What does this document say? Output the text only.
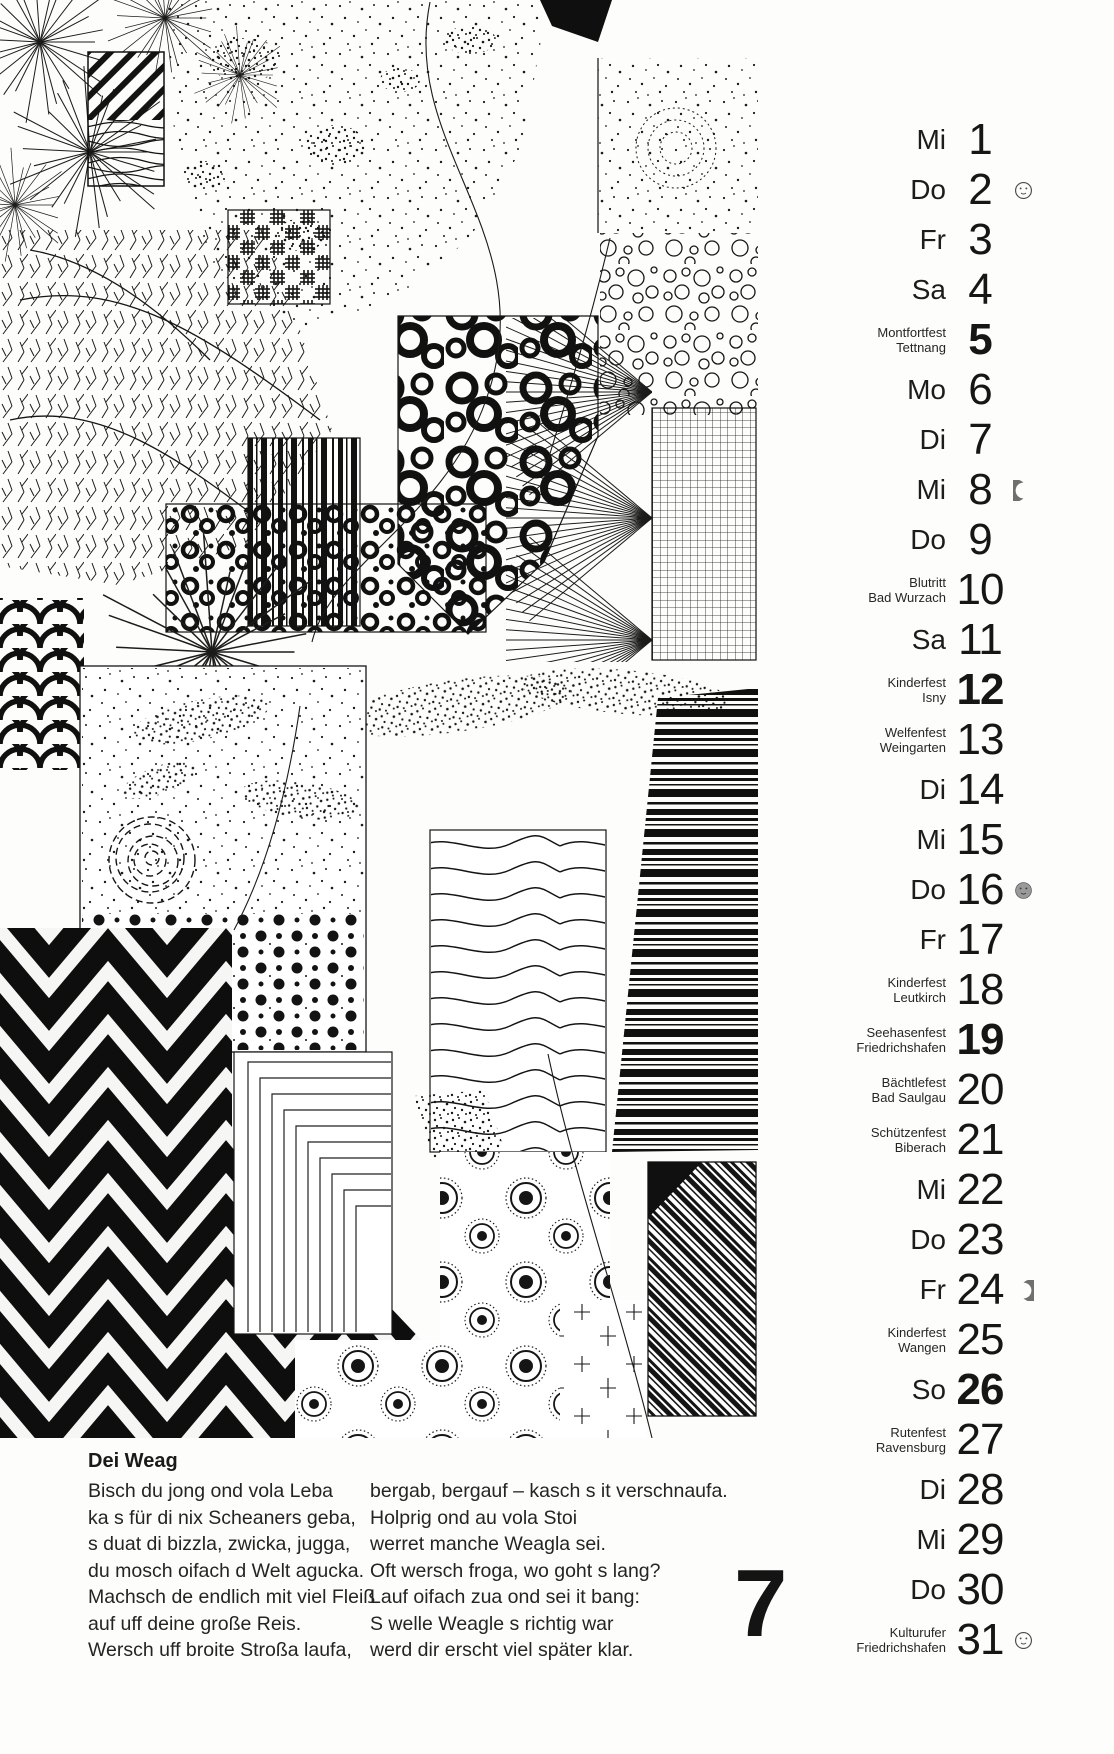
Mi 1
Do 2
Fr 3
Sa 4
Montfortfest
Tettnang 5
Mo 6
Di 7
Mi 8
Do 9
Blutritt
Bad Wurzach 10
Sa 11
Kinderfest
Isny 12
Welfenfest
Weingarten 13
Di 14
Mi 15
Do 16
Fr 17
Kinderfest
Leutkirch 18
Seehasenfest
Friedrichshafen 19
Bächtlefest
Bad Saulgau 20
Schützenfest
Biberach 21
Mi 22
Do 23
Fr 24
Kinderfest
Wangen 25
So 26
Rutenfest
Ravensburg 27
Di 28
Mi 29
Do 30
Kulturufer
Friedrichshafen 31
Dei Weag
Bisch du jong ond vola Leba
ka s für di nix Scheaners geba,
s duat di bizzla, zwicka, jugga,
du mosch oifach d Welt agucka.
Machsch de endlich mit viel Fleiß
auf uff deine große Reis.
Wersch uff broite Stroßa laufa,
bergab, bergauf – kasch s it verschnaufa.
Holprig ond au vola Stoi
werret manche Weagla sei.
Oft wersch froga, wo goht s lang?
Lauf oifach zua ond sei it bang:
S welle Weagle s richtig war
werd dir erscht viel später klar.	7
